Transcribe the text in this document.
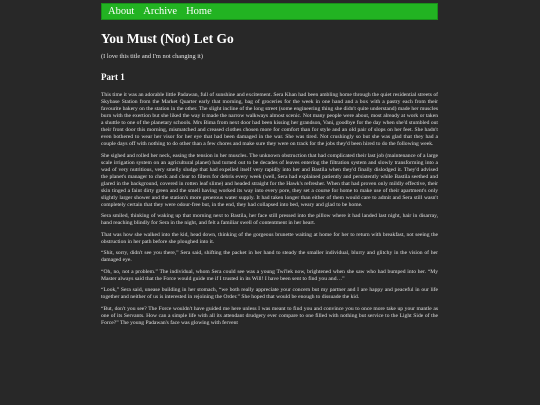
About Archive Home
You Must (Not) Let Go

(I love this title and I'm not changing it)

Part 1

This time it was an adorable little Padawan, full of sunshine and excitement. Sera Khan had been ambling home through the quiet residential streets of Skybase Station from the Market Quarter early that morning, bag of groceries for the week in one hand and a box with a pastry each from their favourite bakery on the station in the other. The slight incline of the long street (some engineering thing she didn't quite understand) made her muscles burn with the exertion but she liked the way it made the narrow walkways almost scenic. Not many people were about, most already at work or taken a shuttle to one of the planetary schools. Mrs Bima from next door had been kissing her grandson, Vani, goodbye for the day when she'd stumbled out their front door this morning, mismatched and creased clothes chosen more for comfort than for style and an old pair of slops on her feet. She hadn't even bothered to wear her visor for her eye that had been damaged in the war. She was tired. Not crushingly so but she was glad that they had a couple days off with nothing to do other than a few chores and make sure they were on track for the jobs they'd been hired to do the following week.

She sighed and rolled her neck, easing the tension in her muscles. The unknown obstruction that had complicated their last job (maintenance of a large scale irrigation system on an agricultural planet) had turned out to be decades of leaves entering the filtration system and slowly transforming into a wad of very nutritious, very smelly sludge that had expelled itself very rapidly into her and Bastila when they'd finally dislodged it. They'd advised the planet's manager to check and clear to filters for debris every week (well, Sera had explained patiently and persistently while Bastila seethed and glared in the background, covered in rotten leaf slime) and headed straight for the Hawk's refresher. When that had proven only mildly effective, their skin tinged a faint dirty green and the smell having worked its way into every pore, they set a course for home to make use of their apartment's only slightly larger shower and the station's more generous water supply. It had taken longer than either of them would care to admit and Sera still wasn't completely certain that they were odour-free but, in the end, they had collapsed into bed, weary and glad to be home.

Sera smiled, thinking of waking up that morning next to Bastila, her face still pressed into the pillow where it had landed last night, hair in disarray, hand reaching blindly for Sera in the night, and felt a familiar swell of contentment in her heart.

That was how she walked into the kid, head down, thinking of the gorgeous brunette waiting at home for her to return with breakfast, not seeing the obstruction in her path before she ploughed into it.

“Shit, sorry, didn't see you there,” Sera said, shifting the packet in her hand to steady the smaller individual, blurry and glitchy in the vision of her damaged eye.

“Oh, no, not a problem.” The individual, whom Sera could see was a young Twi'lek now, brightened when she saw who had bumped into her. “My Master always said that the Force would guide me if I trusted in its Will! I have been sent to find you and…”

“Look,” Sera said, unease building in her stomach, “we both really appreciate your concern but my partner and I are happy and peaceful in our life together and neither of us is interested in rejoining the Order.” She hoped that would be enough to dissuade the kid.

“But, don't you see? The Force wouldn't have guided me here unless I was meant to find you and convince you to once more take up your mantle as one of its Servants. How can a simple life with all its attendant drudgery ever compare to one filled with nothing but service to the Light Side of the Force?” The young Padawan's face was glowing with fervent
